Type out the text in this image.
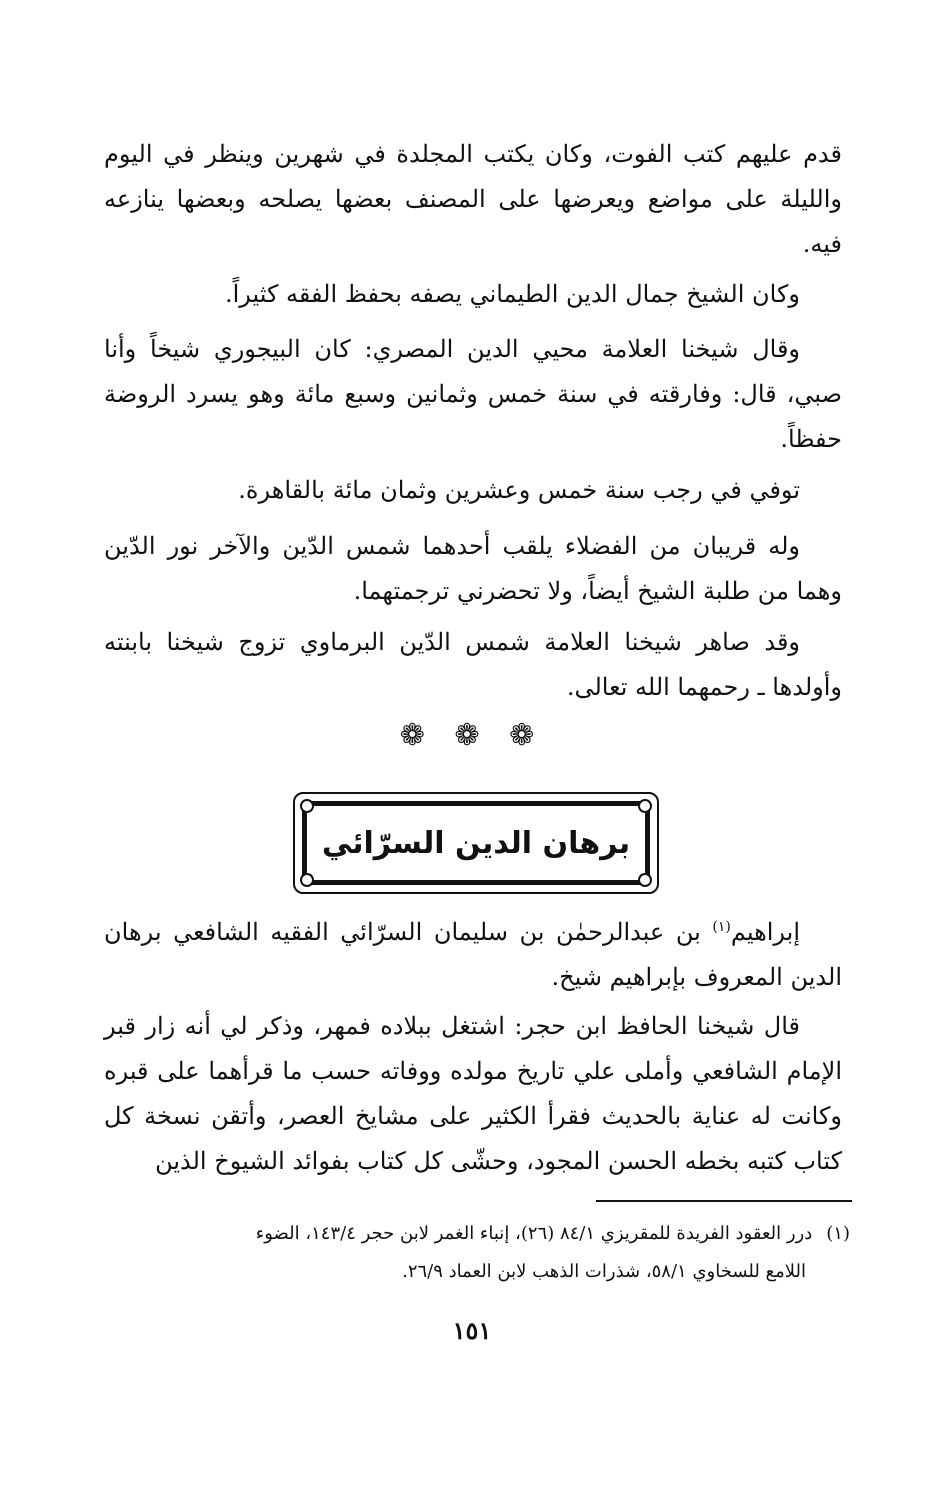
قدم عليهم كتب الفوت، وكان يكتب المجلدة في شهرين وينظر في اليوم والليلة على مواضع ويعرضها على المصنف بعضها يصلحه وبعضها ينازعه فيه.

وكان الشيخ جمال الدين الطيماني يصفه بحفظ الفقه كثيراً.

وقال شيخنا العلامة محيي الدين المصري: كان البيجوري شيخاً وأنا صبي، قال: وفارقته في سنة خمس وثمانين وسبع مائة وهو يسرد الروضة حفظاً.

توفي في رجب سنة خمس وعشرين وثمان مائة بالقاهرة.

وله قريبان من الفضلاء يلقب أحدهما شمس الدّين والآخر نور الدّين وهما من طلبة الشيخ أيضاً، ولا تحضرني ترجمتهما.

وقد صاهر شيخنا العلامة شمس الدّين البرماوي تزوج شيخنا بابنته وأولدها ـ رحمهما الله تعالى.

❁ ❁ ❁
برهان الدين السرّائي

إبراهيم$^{(١)}$ بن عبدالرحمٰن بن سليمان السرّائي الفقيه الشافعي برهان الدين المعروف بإبراهيم شيخ.

قال شيخنا الحافظ ابن حجر: اشتغل ببلاده فمهر، وذكر لي أنه زار قبر الإمام الشافعي وأملى علي تاريخ مولده ووفاته حسب ما قرأهما على قبره وكانت له عناية بالحديث فقرأ الكثير على مشايخ العصر، وأتقن نسخة كل كتاب كتبه بخطه الحسن المجود، وحشّى كل كتاب بفوائد الشيوخ الذين

(١)درر العقود الفريدة للمقريزي ٨٤/١ (٢٦)، إنباء الغمر لابن حجر ١٤٣/٤، الضوء
اللامع للسخاوي ٥٨/١، شذرات الذهب لابن العماد ٢٦/٩.
١٥١
